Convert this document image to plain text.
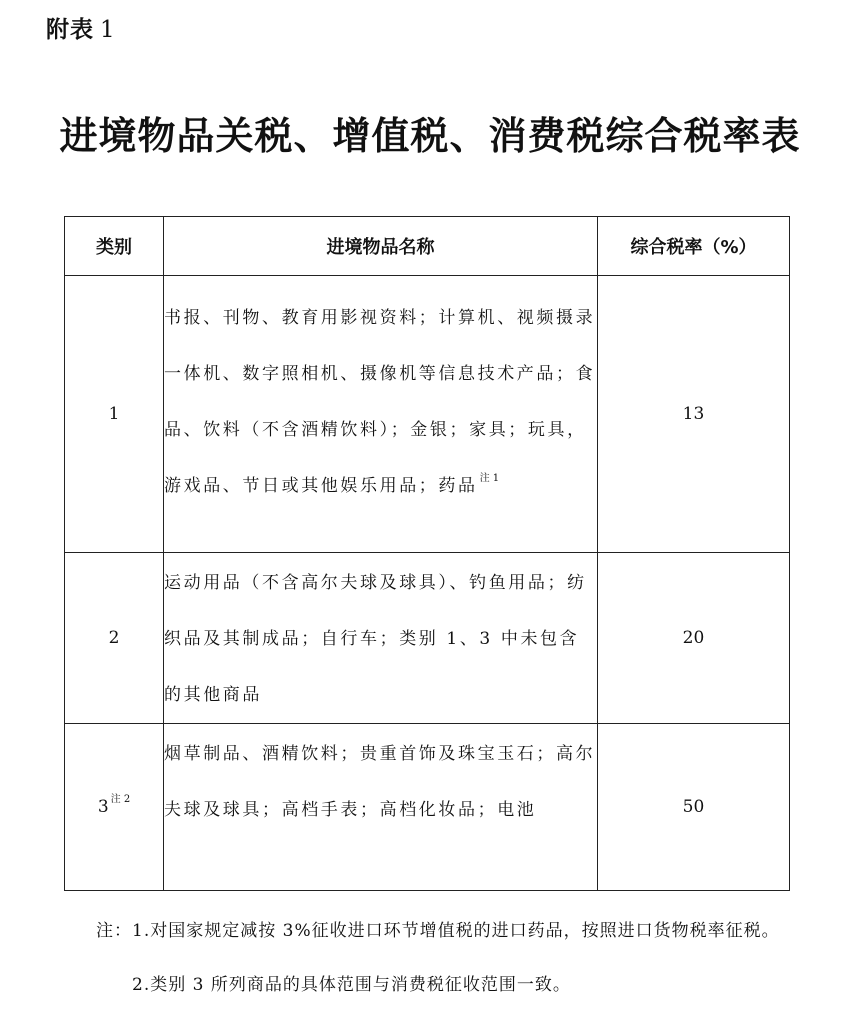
附表 1
进境物品关税、增值税、消费税综合税率表
类别	进境物品名称	综合税率（%）
1	书报、刊物、教育用影视资料；计算机、视频摄录一体机、数字照相机、摄像机等信息技术产品；食品、饮料（不含酒精饮料）；金银；家具；玩具，游戏品、节日或其他娱乐用品；药品 $^{注 1}$	13
2	运动用品（不含高尔夫球及球具）、钓鱼用品；纺织品及其制成品；自行车；类别 1、3 中未包含的其他商品	20
3 $^{注 2}$	烟草制品、酒精饮料；贵重首饰及珠宝玉石；高尔夫球及球具；高档手表；高档化妆品；电池	50
注：1.对国家规定减按 3%征收进口环节增值税的进口药品，按照进口货物税率征税。
2.类别 3 所列商品的具体范围与消费税征收范围一致。
